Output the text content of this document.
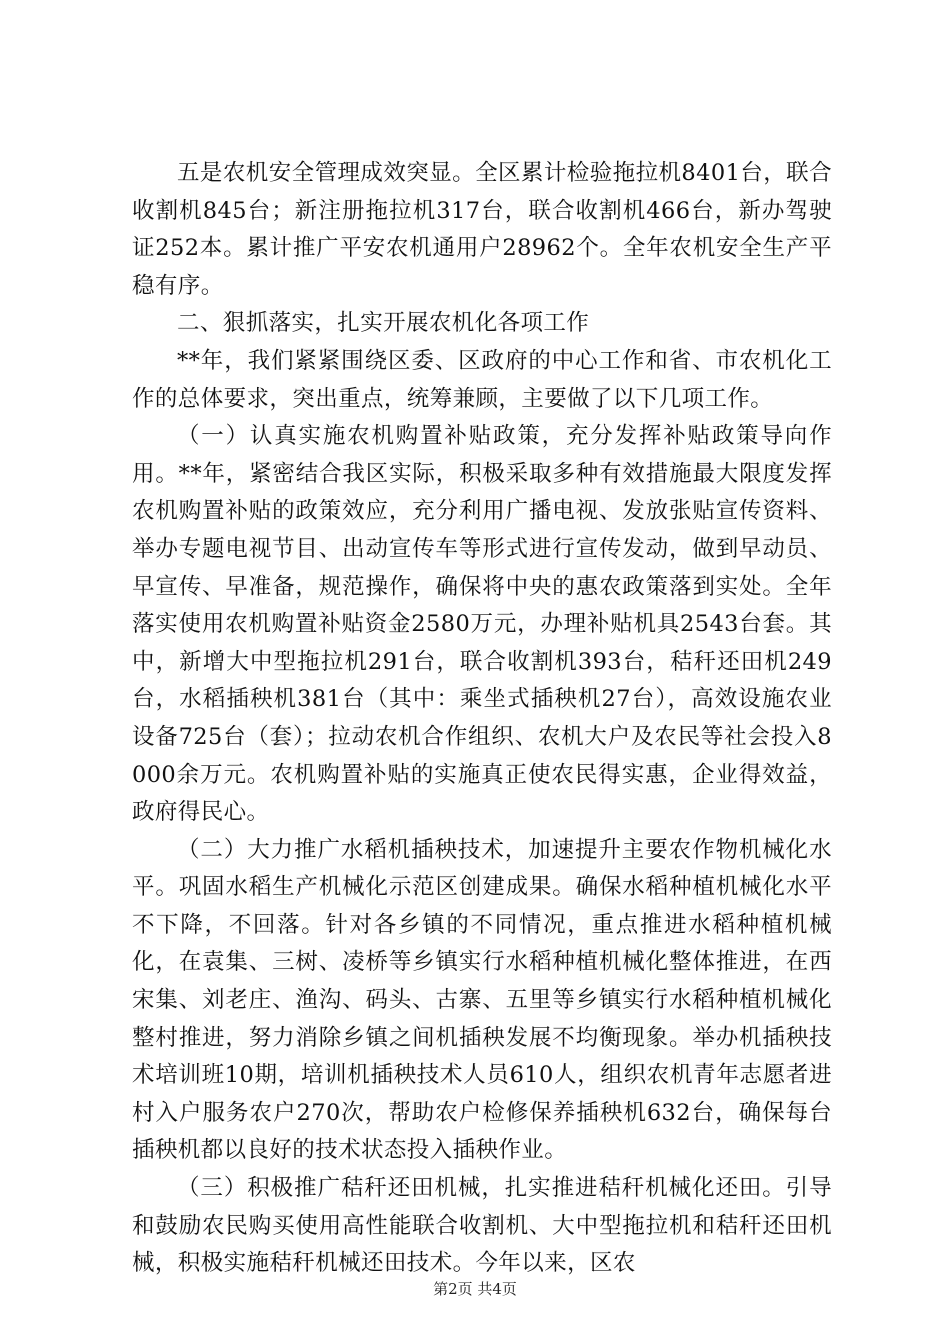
五是农机安全管理成效突显。全区累计检验拖拉机8401台，联合收割机845台；新注册拖拉机317台，联合收割机466台，新办驾驶证252本。累计推广平安农机通用户28962个。全年农机安全生产平稳有序。

二、狠抓落实，扎实开展农机化各项工作

**年，我们紧紧围绕区委、区政府的中心工作和省、市农机化工作的总体要求，突出重点，统筹兼顾，主要做了以下几项工作。

（一）认真实施农机购置补贴政策，充分发挥补贴政策导向作用。**年，紧密结合我区实际，积极采取多种有效措施最大限度发挥农机购置补贴的政策效应，充分利用广播电视、发放张贴宣传资料、举办专题电视节目、出动宣传车等形式进行宣传发动，做到早动员、早宣传、早准备，规范操作，确保将中央的惠农政策落到实处。全年落实使用农机购置补贴资金2580万元，办理补贴机具2543台套。其中，新增大中型拖拉机291台，联合收割机393台，秸秆还田机249台，水稻插秧机381台（其中：乘坐式插秧机27台），高效设施农业设备725台（套）；拉动农机合作组织、农机大户及农民等社会投入8000余万元。农机购置补贴的实施真正使农民得实惠，企业得效益，政府得民心。

（二）大力推广水稻机插秧技术，加速提升主要农作物机械化水平。巩固水稻生产机械化示范区创建成果。确保水稻种植机械化水平不下降，不回落。针对各乡镇的不同情况，重点推进水稻种植机械化，在袁集、三树、凌桥等乡镇实行水稻种植机械化整体推进，在西宋集、刘老庄、渔沟、码头、古寨、五里等乡镇实行水稻种植机械化整村推进，努力消除乡镇之间机插秧发展不均衡现象。举办机插秧技术培训班10期，培训机插秧技术人员610人，组织农机青年志愿者进村入户服务农户270次，帮助农户检修保养插秧机632台，确保每台插秧机都以良好的技术状态投入插秧作业。

（三）积极推广秸秆还田机械，扎实推进秸秆机械化还田。引导和鼓励农民购买使用高性能联合收割机、大中型拖拉机和秸秆还田机械，积极实施秸秆机械还田技术。今年以来，区农

第2页 共4页
